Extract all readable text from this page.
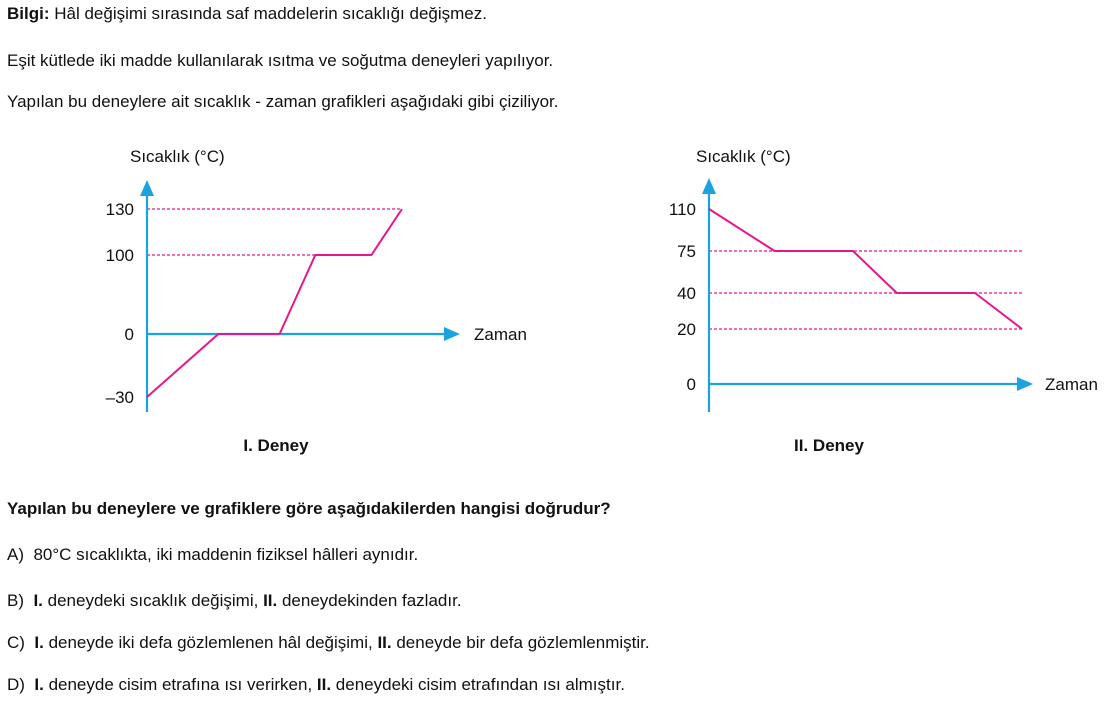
Bilgi: Hâl değişimi sırasında saf maddelerin sıcaklığı değişmez.
Eşit kütlede iki madde kullanılarak ısıtma ve soğutma deneyleri yapılıyor.
Yapılan bu deneylere ait sıcaklık - zaman grafikleri aşağıdaki gibi çiziliyor.
130
100
0
–30
Sıcaklık (°C)
Zaman
I. Deney
110
75
40
20
0
Sıcaklık (°C)
Zaman
II. Deney
Yapılan bu deneylere ve grafiklere göre aşağıdakilerden hangisi doğrudur?
A)  80°C sıcaklıkta, iki maddenin fiziksel hâlleri aynıdır.
B)  I. deneydeki sıcaklık değişimi, II. deneydekinden fazladır.
C)  I. deneyde iki defa gözlemlenen hâl değişimi, II. deneyde bir defa gözlemlenmiştir.
D)  I. deneyde cisim etrafına ısı verirken, II. deneydeki cisim etrafından ısı almıştır.
